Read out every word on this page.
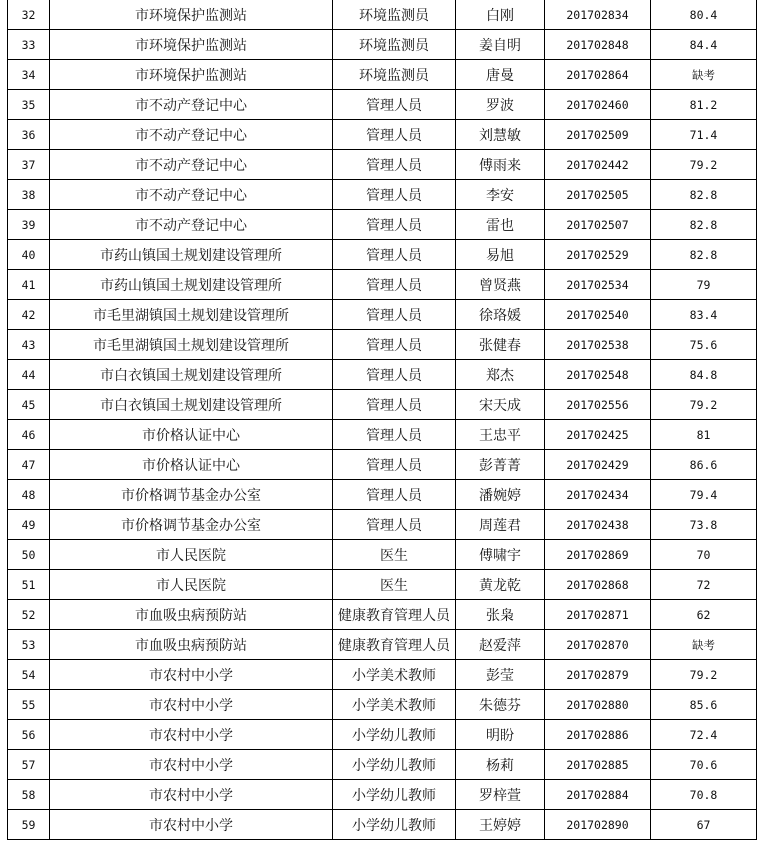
32	市环境保护监测站	环境监测员	白刚	201702834	80.4
33	市环境保护监测站	环境监测员	姜自明	201702848	84.4
34	市环境保护监测站	环境监测员	唐曼	201702864	缺考
35	市不动产登记中心	管理人员	罗波	201702460	81.2
36	市不动产登记中心	管理人员	刘慧敏	201702509	71.4
37	市不动产登记中心	管理人员	傅雨来	201702442	79.2
38	市不动产登记中心	管理人员	李安	201702505	82.8
39	市不动产登记中心	管理人员	雷也	201702507	82.8
40	市药山镇国土规划建设管理所	管理人员	易旭	201702529	82.8
41	市药山镇国土规划建设管理所	管理人员	曾贤燕	201702534	79
42	市毛里湖镇国土规划建设管理所	管理人员	徐珞媛	201702540	83.4
43	市毛里湖镇国土规划建设管理所	管理人员	张健春	201702538	75.6
44	市白衣镇国土规划建设管理所	管理人员	郑杰	201702548	84.8
45	市白衣镇国土规划建设管理所	管理人员	宋天成	201702556	79.2
46	市价格认证中心	管理人员	王忠平	201702425	81
47	市价格认证中心	管理人员	彭菁菁	201702429	86.6
48	市价格调节基金办公室	管理人员	潘婉婷	201702434	79.4
49	市价格调节基金办公室	管理人员	周莲君	201702438	73.8
50	市人民医院	医生	傅啸宇	201702869	70
51	市人民医院	医生	黄龙乾	201702868	72
52	市血吸虫病预防站	健康教育管理人员	张枭	201702871	62
53	市血吸虫病预防站	健康教育管理人员	赵爱萍	201702870	缺考
54	市农村中小学	小学美术教师	彭莹	201702879	79.2
55	市农村中小学	小学美术教师	朱德芬	201702880	85.6
56	市农村中小学	小学幼儿教师	明盼	201702886	72.4
57	市农村中小学	小学幼儿教师	杨莉	201702885	70.6
58	市农村中小学	小学幼儿教师	罗梓萱	201702884	70.8
59	市农村中小学	小学幼儿教师	王婷婷	201702890	67
